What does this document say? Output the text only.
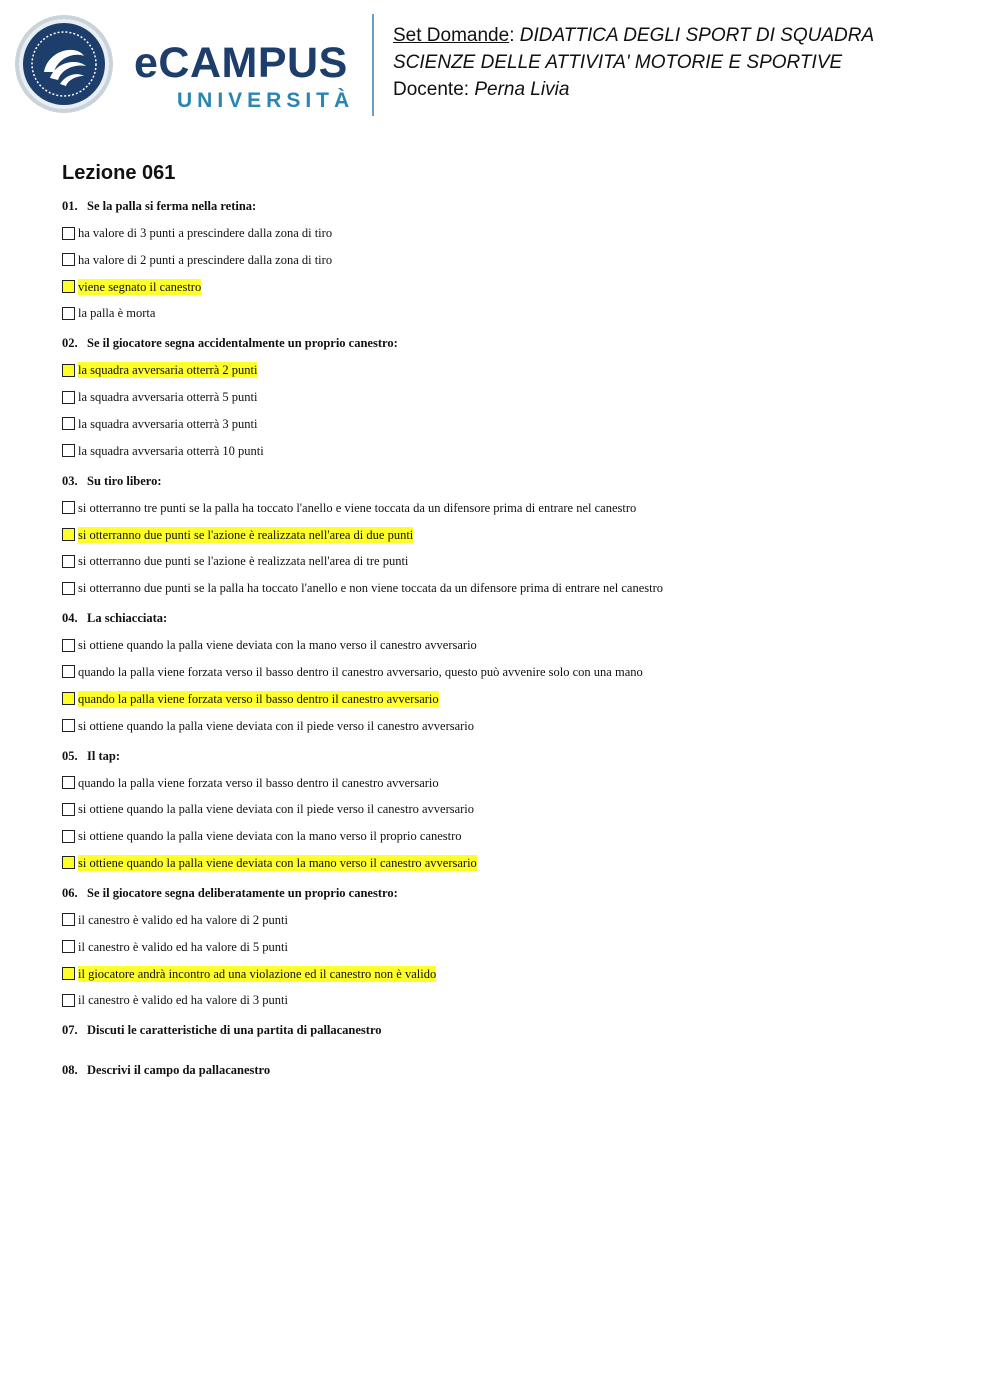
eCAMPUS
UNIVERSITÀ
Set Domande: DIDATTICA DEGLI SPORT DI SQUADRA
SCIENZE DELLE ATTIVITA' MOTORIE E SPORTIVE
Docente: Perna Livia
Lezione 061
01. Se la palla si ferma nella retina:
ha valore di 3 punti a prescindere dalla zona di tiro
ha valore di 2 punti a prescindere dalla zona di tiro
viene segnato il canestro
la palla è morta
02. Se il giocatore segna accidentalmente un proprio canestro:
la squadra avversaria otterrà 2 punti
la squadra avversaria otterrà 5 punti
la squadra avversaria otterrà 3 punti
la squadra avversaria otterrà 10 punti
03. Su tiro libero:
si otterranno tre punti se la palla ha toccato l'anello e viene toccata da un difensore prima di entrare nel canestro
si otterranno due punti se l'azione è realizzata nell'area di due punti
si otterranno due punti se l'azione è realizzata nell'area di tre punti
si otterranno due punti se la palla ha toccato l'anello e non viene toccata da un difensore prima di entrare nel canestro
04. La schiacciata:
si ottiene quando la palla viene deviata con la mano verso il canestro avversario
quando la palla viene forzata verso il basso dentro il canestro avversario, questo può avvenire solo con una mano
quando la palla viene forzata verso il basso dentro il canestro avversario
si ottiene quando la palla viene deviata con il piede verso il canestro avversario
05. Il tap:
quando la palla viene forzata verso il basso dentro il canestro avversario
si ottiene quando la palla viene deviata con il piede verso il canestro avversario
si ottiene quando la palla viene deviata con la mano verso il proprio canestro
si ottiene quando la palla viene deviata con la mano verso il canestro avversario
06. Se il giocatore segna deliberatamente un proprio canestro:
il canestro è valido ed ha valore di 2 punti
il canestro è valido ed ha valore di 5 punti
il giocatore andrà incontro ad una violazione ed il canestro non è valido
il canestro è valido ed ha valore di 3 punti
07. Discuti le caratteristiche di una partita di pallacanestro
08. Descrivi il campo da pallacanestro
